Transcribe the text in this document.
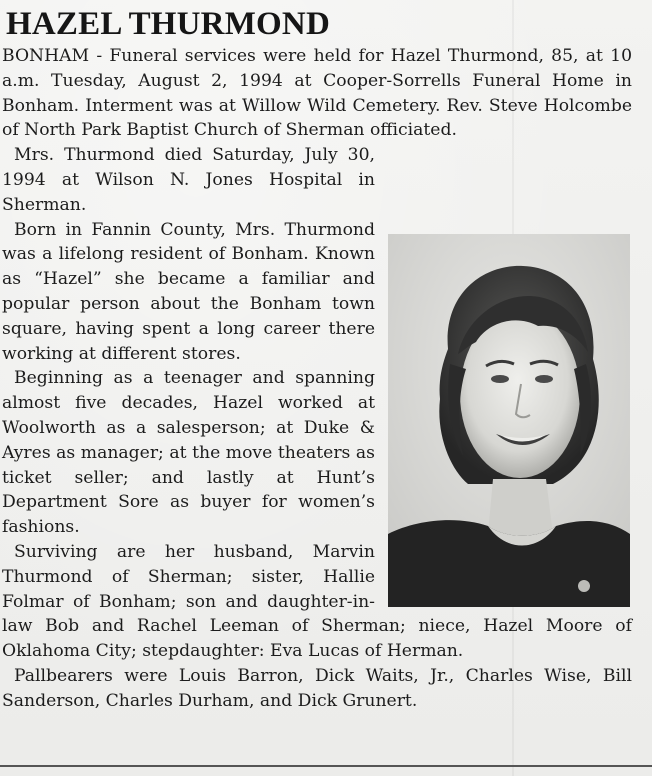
HAZEL THURMOND

BONHAM - Funeral services were held for Hazel Thurmond, 85, at 10 a.m. Tuesday, August 2, 1994 at Cooper-Sorrells Funeral Home in Bonham. Interment was at Willow Wild Cemetery. Rev. Steve Holcombe of North Park Baptist Church of Sherman officiated.

Mrs. Thurmond died Saturday, July 30, 1994 at Wilson N. Jones Hospital in Sherman.

Born in Fannin County, Mrs. Thurmond was a lifelong resident of Bonham. Known as “Hazel” she became a familiar and popular person about the Bonham town square, having spent a long career there working at different stores.

Beginning as a teenager and spanning almost five decades, Hazel worked at Woolworth as a salesperson; at Duke & Ayres as manager; at the move theaters as ticket seller; and lastly at Hunt’s Department Sore as buyer for women’s fashions.

Surviving are her husband, Marvin Thurmond of Sherman; sister, Hallie Folmar of Bonham; son and daughter-in-law Bob and Rachel Leeman of Sherman; niece, Hazel Moore of Oklahoma City; stepdaughter: Eva Lucas of Herman.

Pallbearers were Louis Barron, Dick Waits, Jr., Charles Wise, Bill Sanderson, Charles Durham, and Dick Grunert.
